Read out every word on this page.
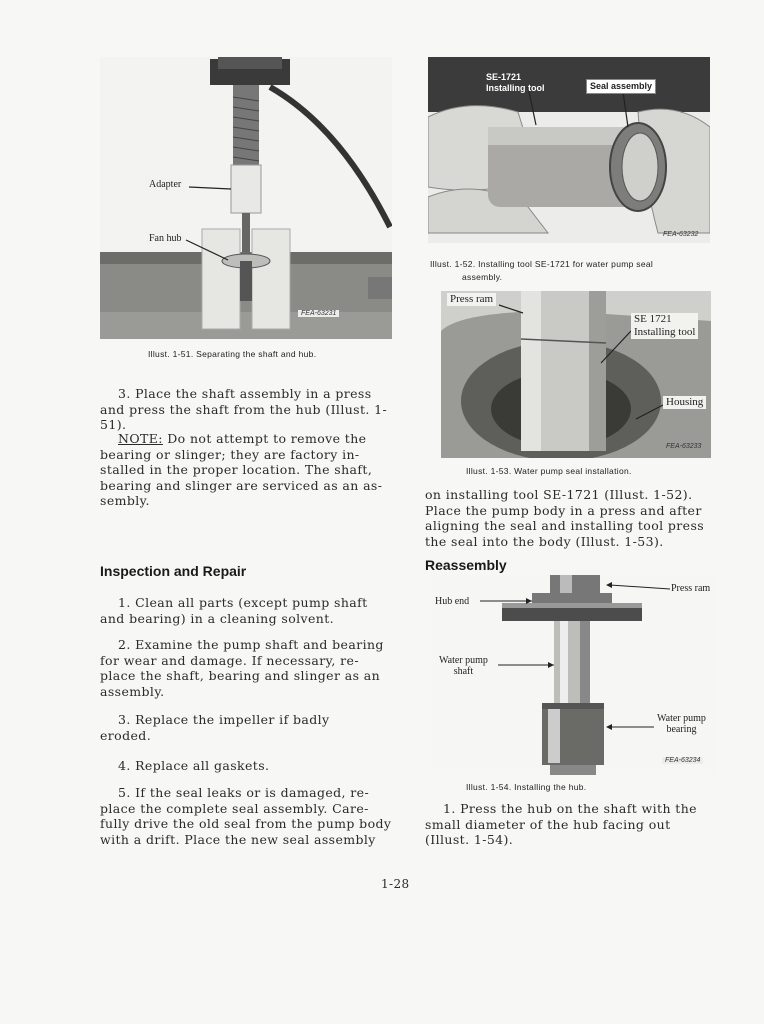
Adapter
Fan hub
FEA-63231
Illust. 1-51. Separating the shaft and hub.
SE-1721
Installing tool	Seal assembly
FEA-63232
Illust. 1-52. Installing tool SE-1721 for water pump seal
assembly.
Press ram
SE 1721
Installing tool
Housing
FEA-63233
Illust. 1-53. Water pump seal installation.

on installing tool SE-1721 (Illust. 1-52).

Place the pump body in a press and after

aligning the seal and installing tool press

the seal into the body (Illust. 1-53).

Reassembly
Hub end
Press ram
Water pump
shaft
Water pump
bearing
FEA-63234
Illust. 1-54. Installing the hub.

1. Press the hub on the shaft with the

small diameter of the hub facing out

(Illust. 1-54).

3. Place the shaft assembly in a press

and press the shaft from the hub (Illust. 1-51).

NOTE: Do not attempt to remove the

bearing or slinger; they are factory in-

stalled in the proper location. The shaft,

bearing and slinger are serviced as an as-

sembly.

Inspection and Repair

1. Clean all parts (except pump shaft

and bearing) in a cleaning solvent.

2. Examine the pump shaft and bearing

for wear and damage. If necessary, re-

place the shaft, bearing and slinger as an

assembly.

3. Replace the impeller if badly

eroded.

4. Replace all gaskets.

5. If the seal leaks or is damaged, re-

place the complete seal assembly. Care-

fully drive the old seal from the pump body

with a drift. Place the new seal assembly

1-28
